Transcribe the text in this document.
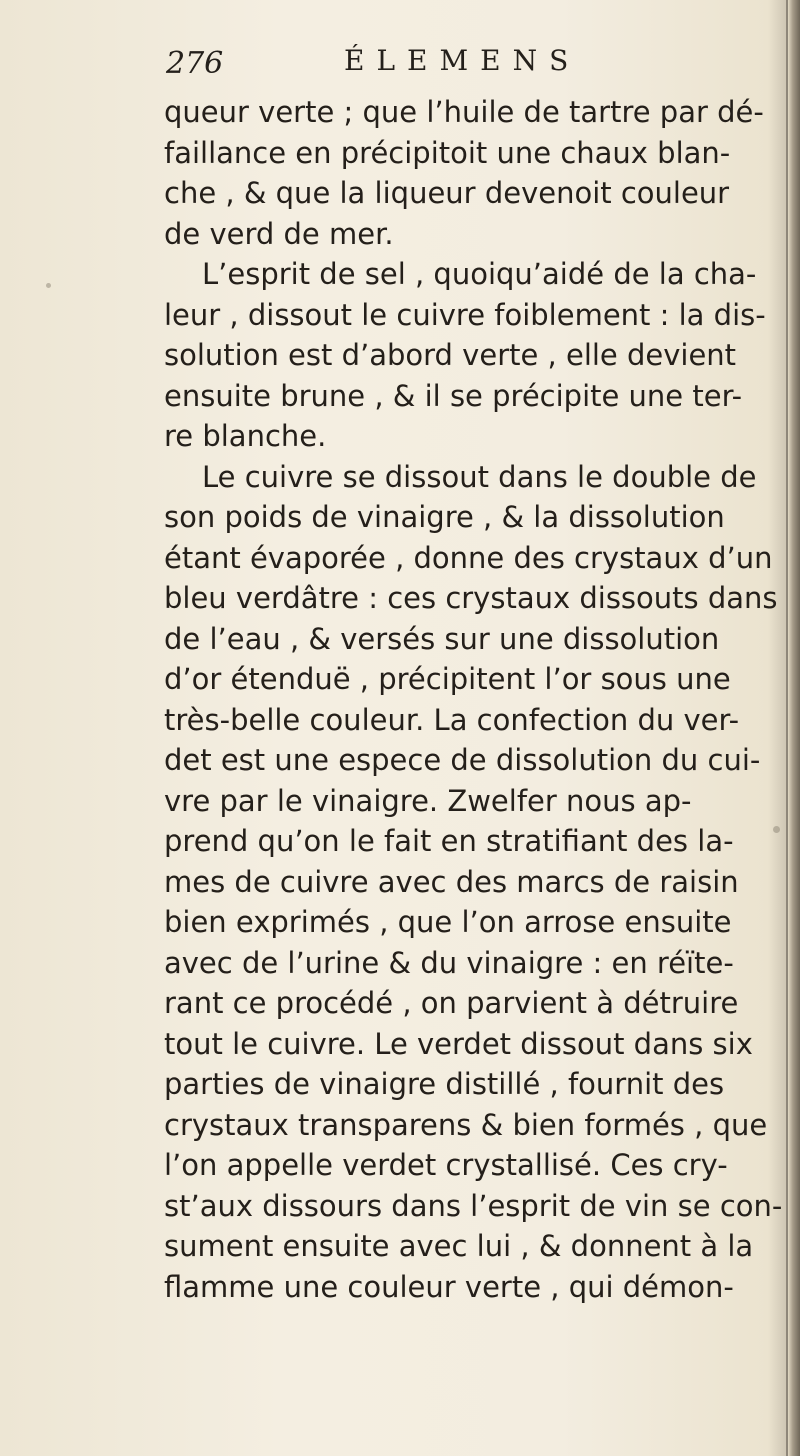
276	ÉLEMENS
queur verte ; que l’huile de tartre par dé-
faillance en précipitoit une chaux blan-
che , & que la liqueur devenoit couleur
de verd de mer.
L’esprit de sel , quoiqu’aidé de la cha-
leur , dissout le cuivre foiblement : la dis-
solution est d’abord verte , elle devient
ensuite brune , & il se précipite une ter-
re blanche.
Le cuivre se dissout dans le double de
son poids de vinaigre , & la dissolution
étant évaporée , donne des crystaux d’un
bleu verdâtre : ces crystaux dissouts dans
de l’eau , & versés sur une dissolution
d’or étenduë , précipitent l’or sous une
très-belle couleur. La confection du ver-
det est une espece de dissolution du cui-
vre par le vinaigre. Zwelfer nous ap-
prend qu’on le fait en stratifiant des la-
mes de cuivre avec des marcs de raisin
bien exprimés , que l’on arrose ensuite
avec de l’urine & du vinaigre : en réïte-
rant ce procédé , on parvient à détruire
tout le cuivre. Le verdet dissout dans six
parties de vinaigre distillé , fournit des
crystaux transparens & bien formés , que
l’on appelle verdet crystallisé. Ces cry-
st’aux dissours dans l’esprit de vin se con-
sument ensuite avec lui , & donnent à la
flamme une couleur verte , qui démon-
